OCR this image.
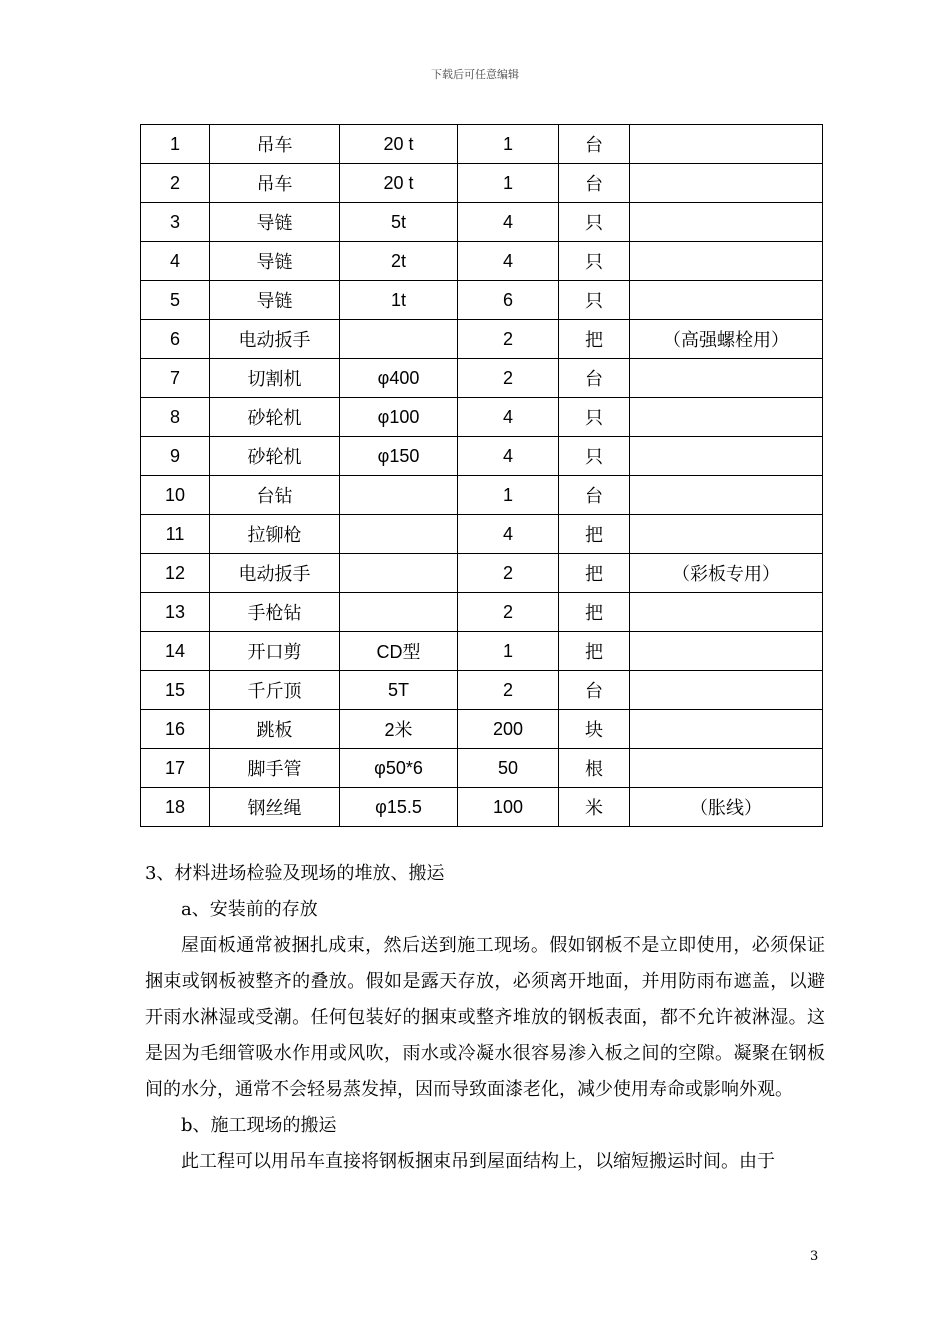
下载后可任意编辑
1	吊车	20 t	1	台	
2	吊车	20 t	1	台	
3	导链	5t	4	只	
4	导链	2t	4	只	
5	导链	1t	6	只	
6	电动扳手		2	把	（高强螺栓用）
7	切割机	φ400	2	台	
8	砂轮机	φ100	4	只	
9	砂轮机	φ150	4	只	
10	台钻		1	台	
11	拉铆枪		4	把	
12	电动扳手		2	把	（彩板专用）
13	手枪钻		2	把	
14	开口剪	CD型	1	把	
15	千斤顶	5T	2	台	
16	跳板	2米	200	块	
17	脚手管	φ50*6	50	根	
18	钢丝绳	φ15.5	100	米	（胀线）

3、材料进场检验及现场的堆放、搬运

a、安装前的存放

屋面板通常被捆扎成束，然后送到施工现场。假如钢板不是立即使用，必须保证捆束或钢板被整齐的叠放。假如是露天存放，必须离开地面，并用防雨布遮盖，以避开雨水淋湿或受潮。任何包装好的捆束或整齐堆放的钢板表面，都不允许被淋湿。这是因为毛细管吸水作用或风吹，雨水或冷凝水很容易渗入板之间的空隙。凝聚在钢板间的水分，通常不会轻易蒸发掉，因而导致面漆老化，减少使用寿命或影响外观。

b、施工现场的搬运

此工程可以用吊车直接将钢板捆束吊到屋面结构上，以缩短搬运时间。由于

3
